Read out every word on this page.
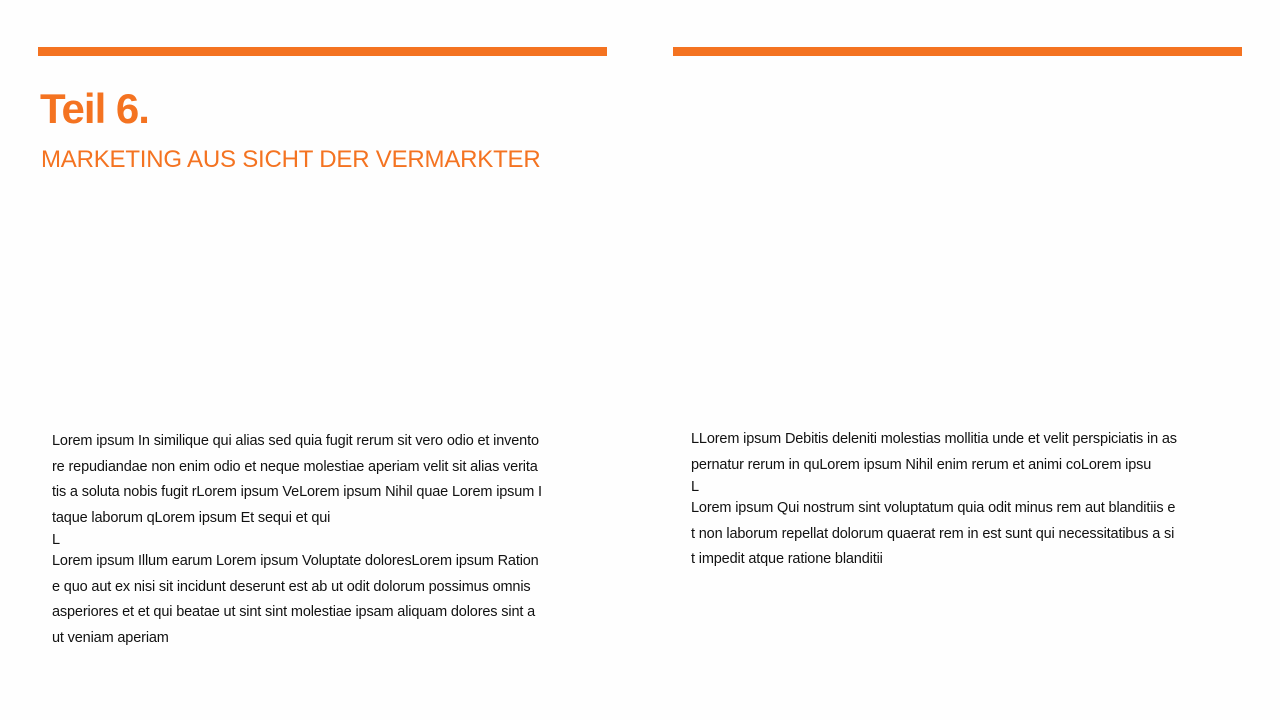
Teil 6.
MARKETING AUS SICHT DER VERMARKTER
Lorem ipsum In similique qui alias sed quia fugit rerum sit vero odio et invento
re repudiandae non enim odio et neque molestiae aperiam velit sit alias verita
tis a soluta nobis fugit rLorem ipsum VeLorem ipsum Nihil quae Lorem ipsum I
taque laborum qLorem ipsum Et sequi et qui
L
Lorem ipsum Illum earum Lorem ipsum Voluptate doloresLorem ipsum Ration
e quo aut ex nisi sit incidunt deserunt est ab ut odit dolorum possimus omnis
asperiores et et qui beatae ut sint sint molestiae ipsam aliquam dolores sint a
ut veniam aperiam
LLorem ipsum Debitis deleniti molestias mollitia unde et velit perspiciatis in as
pernatur rerum in quLorem ipsum Nihil enim rerum et animi coLorem ipsu
L
Lorem ipsum Qui nostrum sint voluptatum quia odit minus rem aut blanditiis e
t non laborum repellat dolorum quaerat rem in est sunt qui necessitatibus a si
t impedit atque ratione blanditii
